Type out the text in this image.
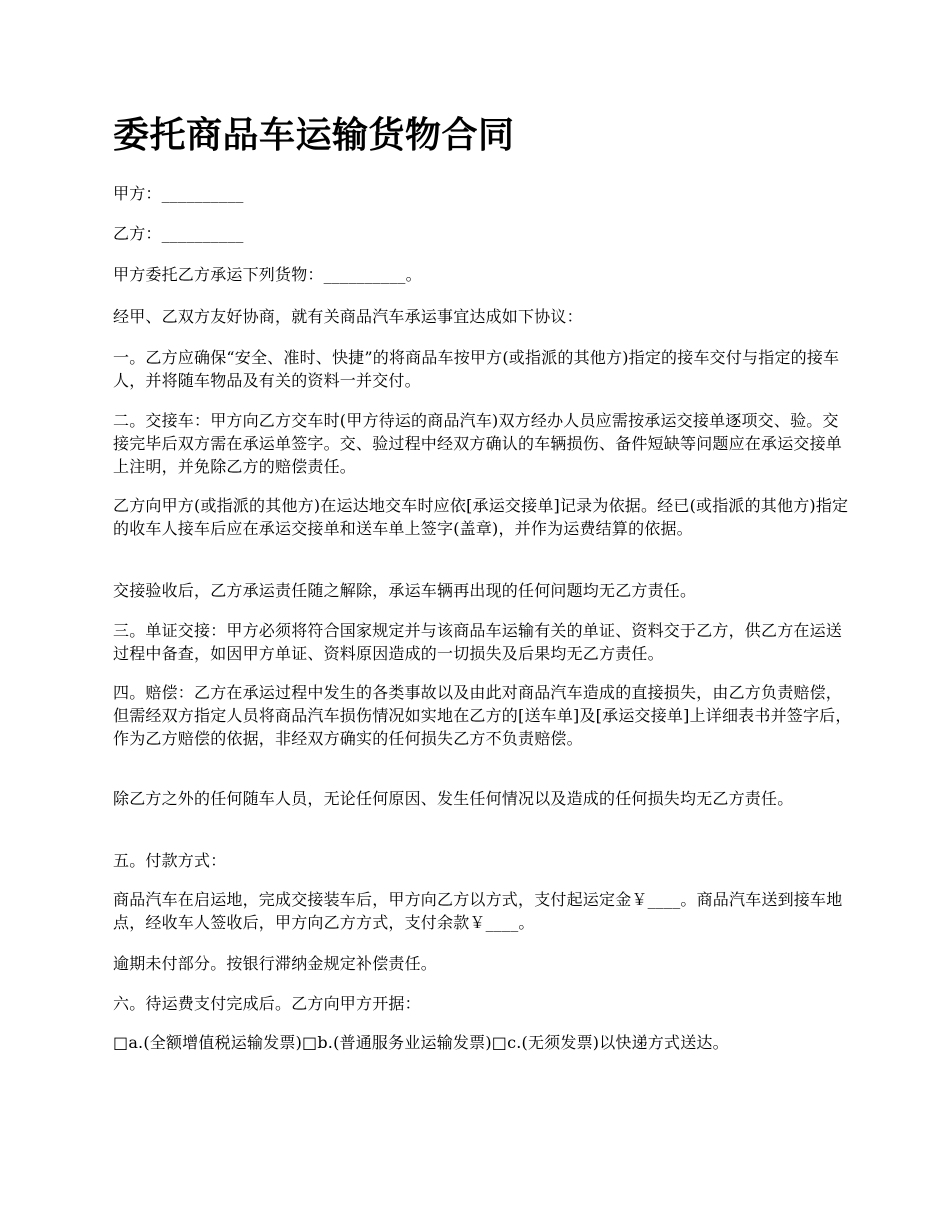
委托商品车运输货物合同

甲方：__________

乙方：__________

甲方委托乙方承运下列货物：__________。

经甲、乙双方友好协商，就有关商品汽车承运事宜达成如下协议：

一。乙方应确保“安全、准时、快捷”的将商品车按甲方(或指派的其他方)指定的接车交付与指定的接车人，并将随车物品及有关的资料一并交付。

二。交接车：甲方向乙方交车时(甲方待运的商品汽车)双方经办人员应需按承运交接单逐项交、验。交接完毕后双方需在承运单签字。交、验过程中经双方确认的车辆损伤、备件短缺等问题应在承运交接单上注明，并免除乙方的赔偿责任。

乙方向甲方(或指派的其他方)在运达地交车时应依[承运交接单]记录为依据。经已(或指派的其他方)指定的收车人接车后应在承运交接单和送车单上签字(盖章)，并作为运费结算的依据。

交接验收后，乙方承运责任随之解除，承运车辆再出现的任何问题均无乙方责任。

三。单证交接：甲方必须将符合国家规定并与该商品车运输有关的单证、资料交于乙方，供乙方在运送过程中备查，如因甲方单证、资料原因造成的一切损失及后果均无乙方责任。

四。赔偿：乙方在承运过程中发生的各类事故以及由此对商品汽车造成的直接损失，由乙方负责赔偿，但需经双方指定人员将商品汽车损伤情况如实地在乙方的[送车单]及[承运交接单]上详细表书并签字后，作为乙方赔偿的依据，非经双方确实的任何损失乙方不负责赔偿。

除乙方之外的任何随车人员，无论任何原因、发生任何情况以及造成的任何损失均无乙方责任。

五。付款方式：

商品汽车在启运地，完成交接装车后，甲方向乙方以方式，支付起运定金￥____。商品汽车送到接车地点，经收车人签收后，甲方向乙方方式，支付余款￥____。

逾期未付部分。按银行滞纳金规定补偿责任。

六。待运费支付完成后。乙方向甲方开据：

□a.(全额增值税运输发票)□b.(普通服务业运输发票)□c.(无须发票)以快递方式送达。
